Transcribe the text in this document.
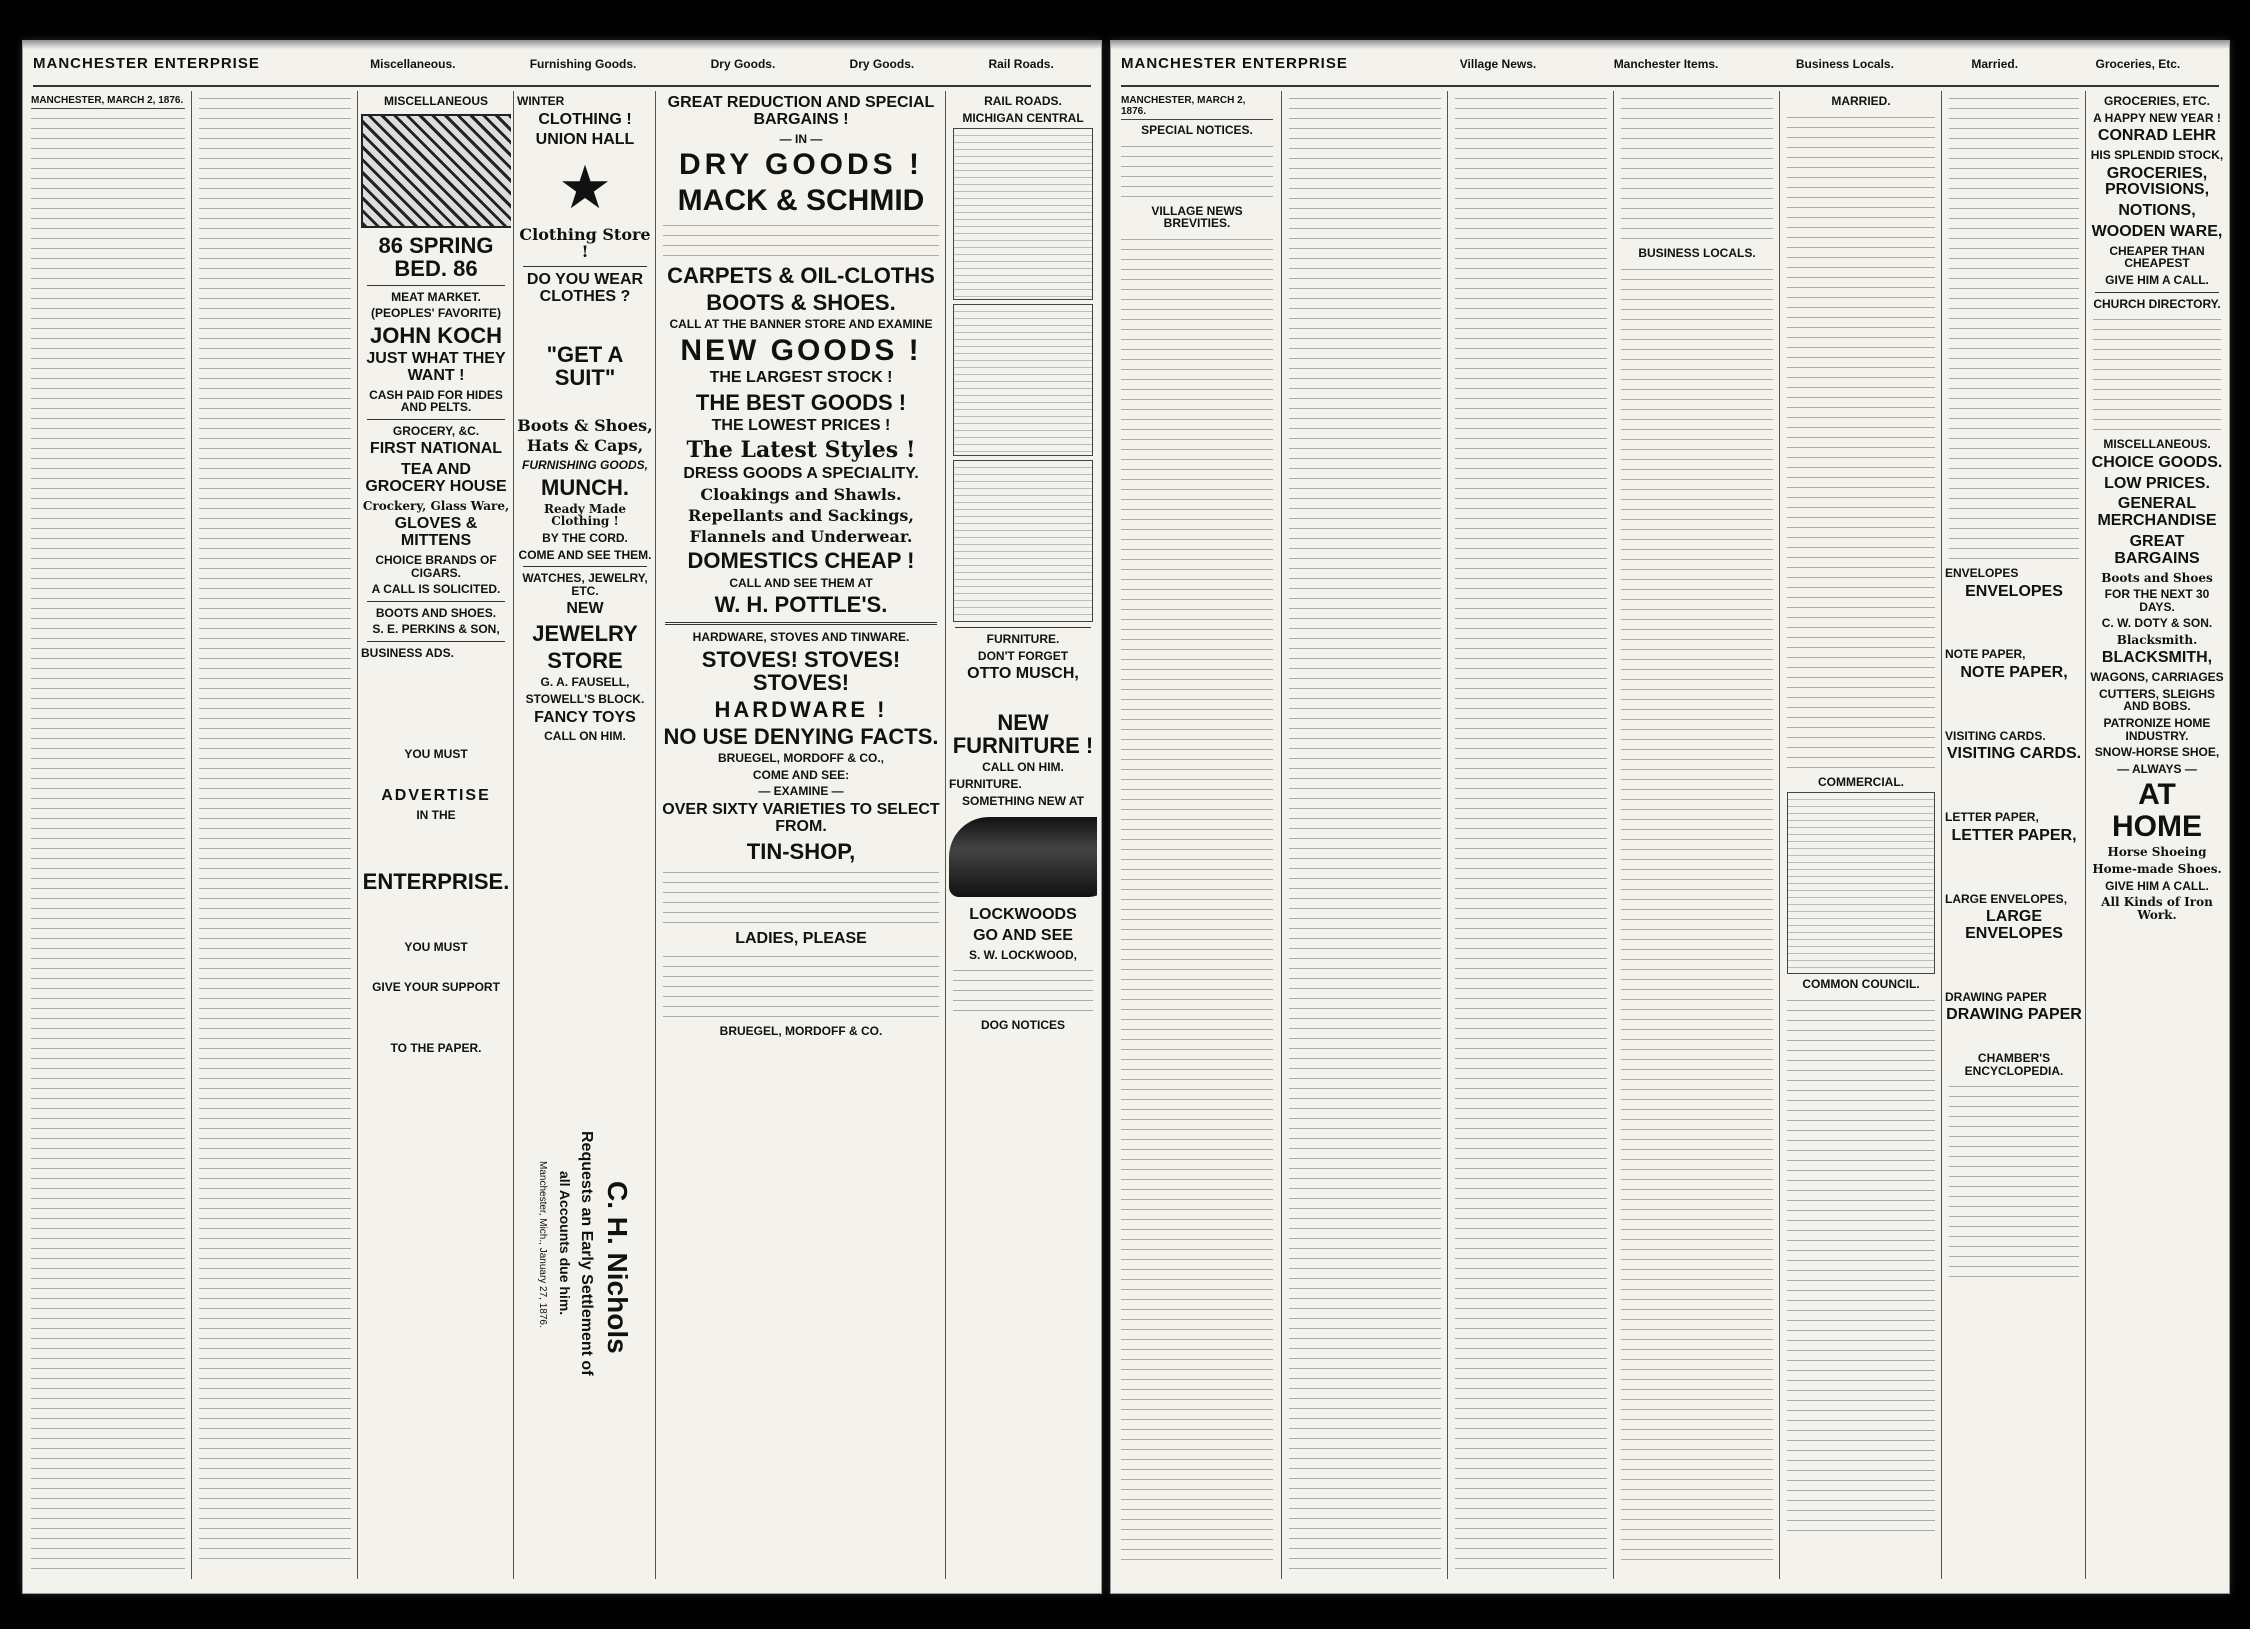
MANCHESTER ENTERPRISE	Miscellaneous.	Furnishing Goods.	Dry Goods.	Dry Goods.	Rail Roads.
MANCHESTER, MARCH 2, 1876.	MISCELLANEOUS
86 SPRING BED. 86
MEAT MARKET.
(PEOPLES' FAVORITE)
JOHN KOCH
JUST WHAT THEY WANT !
CASH PAID FOR HIDES AND PELTS.
GROCERY, &C.
FIRST NATIONAL
TEA AND GROCERY HOUSE
Crockery, Glass Ware,
GLOVES & MITTENS
CHOICE BRANDS OF CIGARS.
A CALL IS SOLICITED.
BOOTS AND SHOES.
S. E. PERKINS & SON,
BUSINESS ADS.
YOU MUST
ADVERTISE
IN THE
ENTERPRISE.
YOU MUST
GIVE YOUR SUPPORT
TO THE PAPER.
WINTER
CLOTHING !
UNION HALL
★
Clothing Store !
DO YOU WEAR CLOTHES ?
"GET A SUIT"
Boots & Shoes,
Hats & Caps,
FURNISHING GOODS,
MUNCH.
Ready Made Clothing !
BY THE CORD.
COME AND SEE THEM.
WATCHES, JEWELRY, ETC.
NEW
JEWELRY
STORE
G. A. FAUSELL,
STOWELL'S BLOCK.
FANCY TOYS
CALL ON HIM.
C. H. Nichols
Requests an Early Settlement of
all Accounts due him.
Manchester, Mich., January 27, 1876.
GREAT REDUCTION AND SPECIAL BARGAINS !
— IN —
DRY GOODS !
MACK & SCHMID
CARPETS & OIL-CLOTHS
BOOTS & SHOES.
CALL AT THE BANNER STORE AND EXAMINE
NEW GOODS !
THE LARGEST STOCK !
THE BEST GOODS !
THE LOWEST PRICES !
The Latest Styles !
DRESS GOODS A SPECIALITY.
Cloakings and Shawls.
Repellants and Sackings,
Flannels and Underwear.
DOMESTICS CHEAP !
CALL AND SEE THEM AT
W. H. POTTLE'S.
HARDWARE, STOVES AND TINWARE.
STOVES! STOVES! STOVES!
HARDWARE !
NO USE DENYING FACTS.
BRUEGEL, MORDOFF & CO.,
COME AND SEE:
— EXAMINE —
OVER SIXTY VARIETIES TO SELECT FROM.
TIN-SHOP,
LADIES, PLEASE
BRUEGEL, MORDOFF & CO.
RAIL ROADS.
MICHIGAN CENTRAL
FURNITURE.
DON'T FORGET
OTTO MUSCH,
NEW FURNITURE !
CALL ON HIM.
FURNITURE.
SOMETHING NEW AT
LOCKWOODS
GO AND SEE
S. W. LOCKWOOD,
DOG NOTICES
MANCHESTER ENTERPRISE	Village News.	Manchester Items.	Business Locals.	Married.	Groceries, Etc.
MANCHESTER, MARCH 2, 1876.
SPECIAL NOTICES.
VILLAGE NEWS BREVITIES.
BUSINESS LOCALS.
MARRIED.
COMMERCIAL.
COMMON COUNCIL.
ENVELOPES
ENVELOPES
NOTE PAPER,
NOTE PAPER,
VISITING CARDS.
VISITING CARDS.
LETTER PAPER,
LETTER PAPER,
LARGE ENVELOPES,
LARGE ENVELOPES
DRAWING PAPER
DRAWING PAPER
CHAMBER'S ENCYCLOPEDIA.
GROCERIES, ETC.
A HAPPY NEW YEAR !
CONRAD LEHR
HIS SPLENDID STOCK,
GROCERIES, PROVISIONS,
NOTIONS,
WOODEN WARE,
CHEAPER THAN CHEAPEST
GIVE HIM A CALL.
CHURCH DIRECTORY.
MISCELLANEOUS.
CHOICE GOODS.
LOW PRICES.
GENERAL MERCHANDISE
GREAT BARGAINS
Boots and Shoes
FOR THE NEXT 30 DAYS.
C. W. DOTY & SON.
Blacksmith.
BLACKSMITH,
WAGONS, CARRIAGES
CUTTERS, SLEIGHS AND BOBS.
PATRONIZE HOME INDUSTRY.
SNOW-HORSE SHOE,
— ALWAYS —
AT HOME
Horse Shoeing
Home-made Shoes.
GIVE HIM A CALL.
All Kinds of Iron Work.
